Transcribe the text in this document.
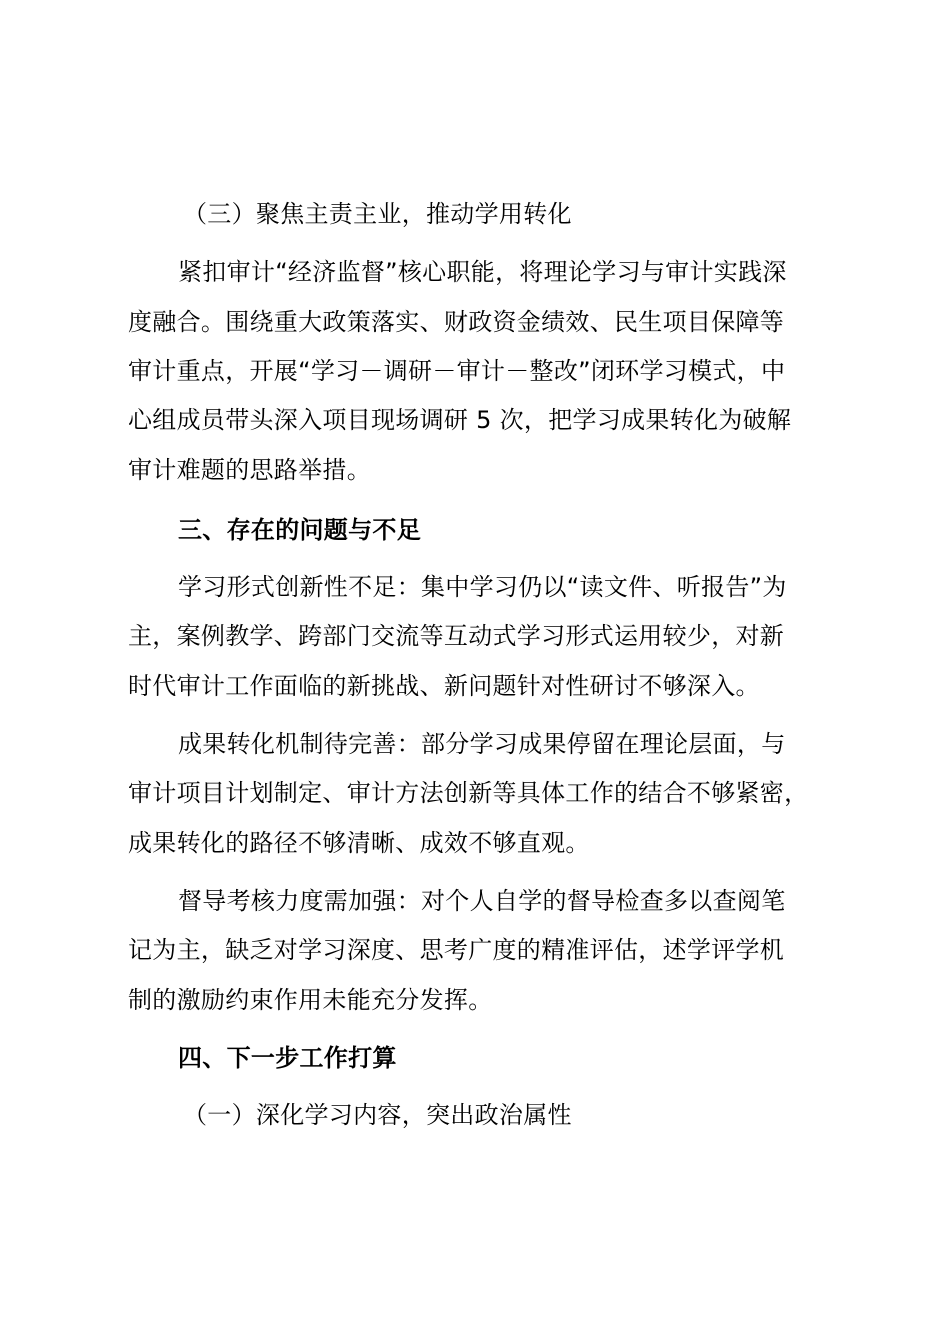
（三）聚焦主责主业，推动学用转化
紧扣审计“经济监督”核心职能，将理论学习与审计实践深
度融合。围绕重大政策落实、财政资金绩效、民生项目保障等
审计重点，开展“学习－调研－审计－整改”闭环学习模式，中
心组成员带头深入项目现场调研 5 次，把学习成果转化为破解
审计难题的思路举措。
三、存在的问题与不足
学习形式创新性不足：集中学习仍以“读文件、听报告”为
主，案例教学、跨部门交流等互动式学习形式运用较少，对新
时代审计工作面临的新挑战、新问题针对性研讨不够深入。
成果转化机制待完善：部分学习成果停留在理论层面，与
审计项目计划制定、审计方法创新等具体工作的结合不够紧密，
成果转化的路径不够清晰、成效不够直观。
督导考核力度需加强：对个人自学的督导检查多以查阅笔
记为主，缺乏对学习深度、思考广度的精准评估，述学评学机
制的激励约束作用未能充分发挥。
四、下一步工作打算
（一）深化学习内容，突出政治属性
